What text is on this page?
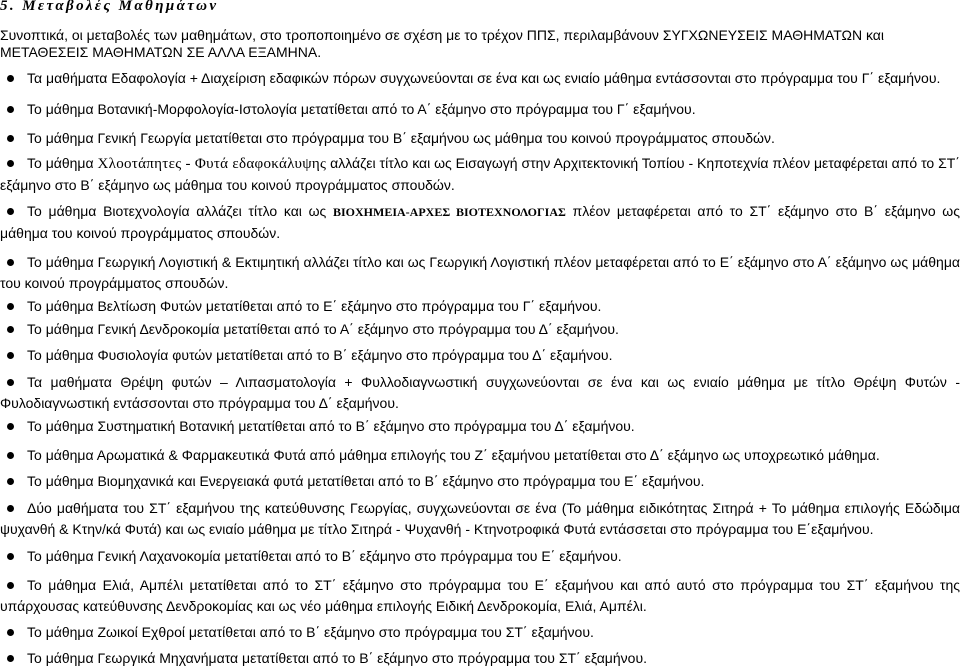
5. Μεταβολές Μαθημάτων
Συνοπτικά, οι μεταβολές των μαθημάτων, στο τροποποιημένο σε σχέση με το τρέχον ΠΠΣ, περιλαμβάνουν ΣΥΓΧΩΝΕΥΣΕΙΣ ΜΑΘΗΜΑΤΩΝ και ΜΕΤΑΘΕΣΕΙΣ ΜΑΘΗΜΑΤΩΝ ΣΕ ΑΛΛΑ ΕΞΑΜΗΝΑ.
Τα μαθήματα Εδαφολογία + Διαχείριση εδαφικών πόρων συγχωνεύονται σε ένα και ως ενιαίο μάθημα εντάσσονται στο πρόγραμμα του Γ΄ εξαμήνου.
Το μάθημα Βοτανική-Μορφολογία-Ιστολογία μετατίθεται από το Α΄ εξάμηνο στο πρόγραμμα του Γ΄ εξαμήνου.
Το μάθημα Γενική Γεωργία μετατίθεται στο πρόγραμμα του Β΄ εξαμήνου ως μάθημα του κοινού προγράμματος σπουδών.
Το μάθημα Χλοοτάπητες - Φυτά εδαφοκάλυψης αλλάζει τίτλο και ως Εισαγωγή στην Αρχιτεκτονική Τοπίου - Κηποτεχνία πλέον μεταφέρεται από το ΣΤ΄ εξάμηνο στο Β΄ εξάμηνο ως μάθημα του κοινού προγράμματος σπουδών.
Το μάθημα Βιοτεχνολογία αλλάζει τίτλο και ως ΒΙΟΧΗΜΕΙΑ-ΑΡΧΕΣ ΒΙΟΤΕΧΝΟΛΟΓΙΑΣ πλέον μεταφέρεται από το ΣΤ΄ εξάμηνο στο Β΄ εξάμηνο ως μάθημα του κοινού προγράμματος σπουδών.
Το μάθημα Γεωργική Λογιστική & Εκτιμητική αλλάζει τίτλο και ως Γεωργική Λογιστική πλέον μεταφέρεται από το Ε΄ εξάμηνο στο Α΄ εξάμηνο ως μάθημα του κοινού προγράμματος σπουδών.
Το μάθημα Βελτίωση Φυτών μετατίθεται από το Ε΄ εξάμηνο στο πρόγραμμα του Γ΄ εξαμήνου.
Το μάθημα Γενική Δενδροκομία μετατίθεται από το Α΄ εξάμηνο στο πρόγραμμα του Δ΄ εξαμήνου.
Το μάθημα Φυσιολογία φυτών μετατίθεται από το Β΄ εξάμηνο στο πρόγραμμα του Δ΄ εξαμήνου.
Τα μαθήματα Θρέψη φυτών – Λιπασματολογία + Φυλλοδιαγνωστική συγχωνεύονται σε ένα και ως ενιαίο μάθημα με τίτλο Θρέψη Φυτών - Φυλοδιαγνωστική εντάσσονται στο πρόγραμμα του Δ΄ εξαμήνου.
Το μάθημα Συστηματική Βοτανική μετατίθεται από το Β΄ εξάμηνο στο πρόγραμμα του Δ΄ εξαμήνου.
Το μάθημα Αρωματικά & Φαρμακευτικά Φυτά από μάθημα επιλογής του Ζ΄ εξαμήνου μετατίθεται στο Δ΄ εξάμηνο ως υποχρεωτικό μάθημα.
Το μάθημα Βιομηχανικά και Ενεργειακά φυτά μετατίθεται από το Β΄ εξάμηνο στο πρόγραμμα του Ε΄ εξαμήνου.
Δύο μαθήματα του ΣΤ΄ εξαμήνου της κατεύθυνσης Γεωργίας, συγχωνεύονται σε ένα (Το μάθημα ειδικότητας Σιτηρά + Το μάθημα επιλογής Εδώδιμα ψυχανθή & Κτην/κά Φυτά) και ως ενιαίο μάθημα με τίτλο Σιτηρά - Ψυχανθή - Κτηνοτροφικά Φυτά εντάσσεται στο πρόγραμμα του Ε΄εξαμήνου.
Το μάθημα Γενική Λαχανοκομία μετατίθεται από το Β΄ εξάμηνο στο πρόγραμμα του Ε΄ εξαμήνου.
Το μάθημα Ελιά, Αμπέλι μετατίθεται από το ΣΤ΄ εξάμηνο στο πρόγραμμα του Ε΄ εξαμήνου και από αυτό στο πρόγραμμα του ΣΤ΄ εξαμήνου της υπάρχουσας κατεύθυνσης Δενδροκομίας και ως νέο μάθημα επιλογής Ειδική Δενδροκομία, Ελιά, Αμπέλι.
Το μάθημα Ζωικοί Εχθροί μετατίθεται από το Β΄ εξάμηνο στο πρόγραμμα του ΣΤ΄ εξαμήνου.
Το μάθημα Γεωργικά Μηχανήματα μετατίθεται από το Β΄ εξάμηνο στο πρόγραμμα του ΣΤ΄ εξαμήνου.
